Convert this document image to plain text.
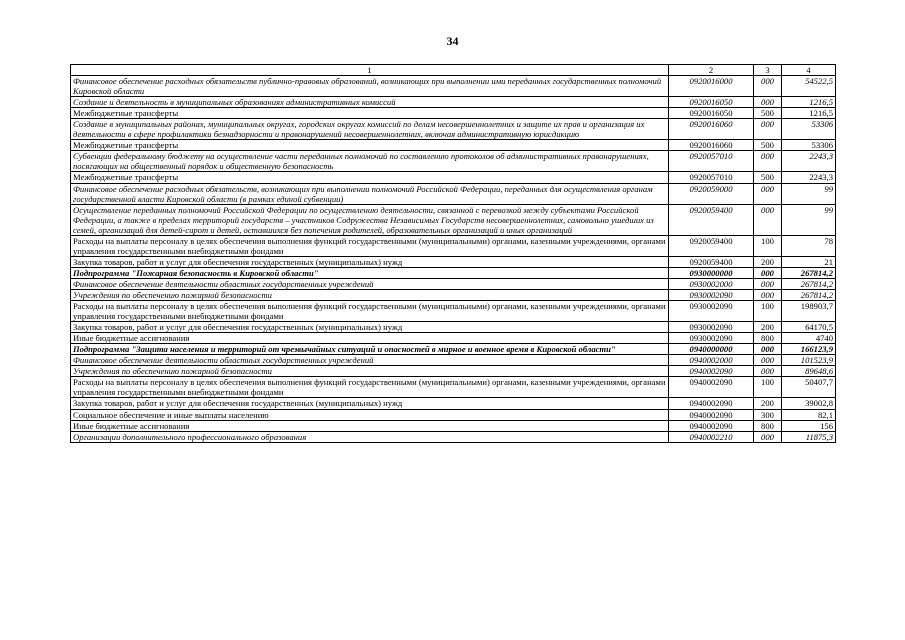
34
1	2	3	4
Финансовое обеспечение расходных обязательств публично-правовых образований, возникающих при выполнении ими переданных государственных полномочий Кировской области	0920016000	000	54522,5
Создание и деятельность в муниципальных образованиях административных комиссий	0920016050	000	1216,5
Межбюджетные трансферты	0920016050	500	1216,5
Создание в муниципальных районах, муниципальных округах, городских округах комиссий по делам несовершеннолетних и защите их прав и организация их деятельности в сфере профилактики безнадзорности и правонарушений несовершеннолетних, включая административную юрисдикцию	0920016060	000	53306
Межбюджетные трансферты	0920016060	500	53306
Субвенции федеральному бюджету на осуществление части переданных полномочий по составлению протоколов об административных правонарушениях, посягающих на общественный порядок и общественную безопасность	0920057010	000	2243,3
Межбюджетные трансферты	0920057010	500	2243,3
Финансовое обеспечение расходных обязательств, возникающих при выполнении полномочий Российской Федерации, переданных для осуществления органам государственной власти Кировской области (в рамках единой субвенции)	0920059000	000	99
Осуществление переданных полномочий Российской Федерации по осуществлению деятельности, связанной с перевозкой между субъектами Российской Федерации, а также в пределах территорий государств – участников Содружества Независимых Государств несовершеннолетних, самовольно ушедших из семей, организаций для детей-сирот и детей, оставшихся без попечения родителей, образовательных организаций и иных организаций	0920059400	000	99
Расходы на выплаты персоналу в целях обеспечения выполнения функций государственными (муниципальными) органами, казенными учреждениями, органами управления государственными внебюджетными фондами	0920059400	100	78
Закупка товаров, работ и услуг для обеспечения государственных (муниципальных) нужд	0920059400	200	21
Подпрограмма "Пожарная безопасность в Кировской области"	0930000000	000	267814,2
Финансовое обеспечение деятельности областных государственных учреждений	0930002000	000	267814,2
Учреждения по обеспечению пожарной безопасности	0930002090	000	267814,2
Расходы на выплаты персоналу в целях обеспечения выполнения функций государственными (муниципальными) органами, казенными учреждениями, органами управления государственными внебюджетными фондами	0930002090	100	198903,7
Закупка товаров, работ и услуг для обеспечения государственных (муниципальных) нужд	0930002090	200	64170,5
Иные бюджетные ассигнования	0930002090	800	4740
Подпрограмма "Защита населения и территорий от чрезвычайных ситуаций и опасностей в мирное и военное время в Кировской области"	0940000000	000	166123,9
Финансовое обеспечение деятельности областных государственных учреждений	0940002000	000	101523,9
Учреждения по обеспечению пожарной безопасности	0940002090	000	89648,6
Расходы на выплаты персоналу в целях обеспечения выполнения функций государственными (муниципальными) органами, казенными учреждениями, органами управления государственными внебюджетными фондами	0940002090	100	50407,7
Закупка товаров, работ и услуг для обеспечения государственных (муниципальных) нужд	0940002090	200	39002,8
Социальное обеспечение и иные выплаты населению	0940002090	300	82,1
Иные бюджетные ассигнования	0940002090	800	156
Организации дополнительного профессионального образования	0940002210	000	11875,3
